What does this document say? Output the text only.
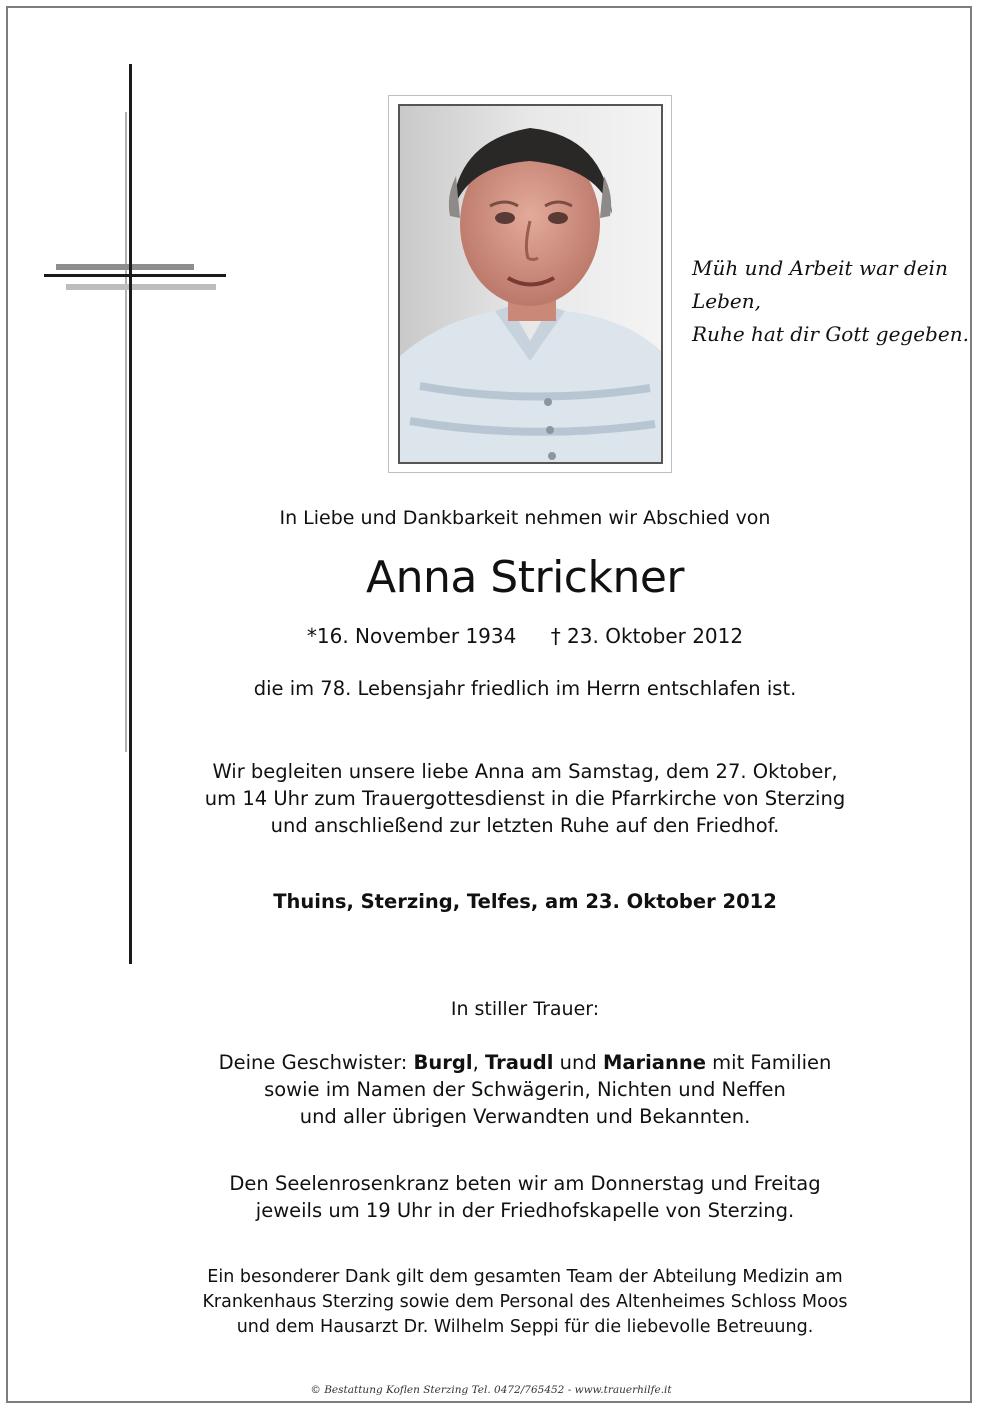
Müh und Arbeit war dein Leben,
Ruhe hat dir Gott gegeben.

In Liebe und Dankbarkeit nehmen wir Abschied von

Anna Strickner

*16. November 1934 † 23. Oktober 2012

die im 78. Lebensjahr friedlich im Herrn entschlafen ist.

Wir begleiten unsere liebe Anna am Samstag, dem 27. Oktober,
um 14 Uhr zum Trauergottesdienst in die Pfarrkirche von Sterzing
und anschließend zur letzten Ruhe auf den Friedhof.

Thuins, Sterzing, Telfes, am 23. Oktober 2012

In stiller Trauer:

Deine Geschwister: Burgl, Traudl und Marianne mit Familien
sowie im Namen der Schwägerin, Nichten und Neffen
und aller übrigen Verwandten und Bekannten.
Den Seelenrosenkranz beten wir am Donnerstag und Freitag
jeweils um 19 Uhr in der Friedhofskapelle von Sterzing.
Ein besonderer Dank gilt dem gesamten Team der Abteilung Medizin am
Krankenhaus Sterzing sowie dem Personal des Altenheimes Schloss Moos
und dem Hausarzt Dr. Wilhelm Seppi für die liebevolle Betreuung.

© Bestattung Koflen Sterzing Tel. 0472/765452 - www.trauerhilfe.it
